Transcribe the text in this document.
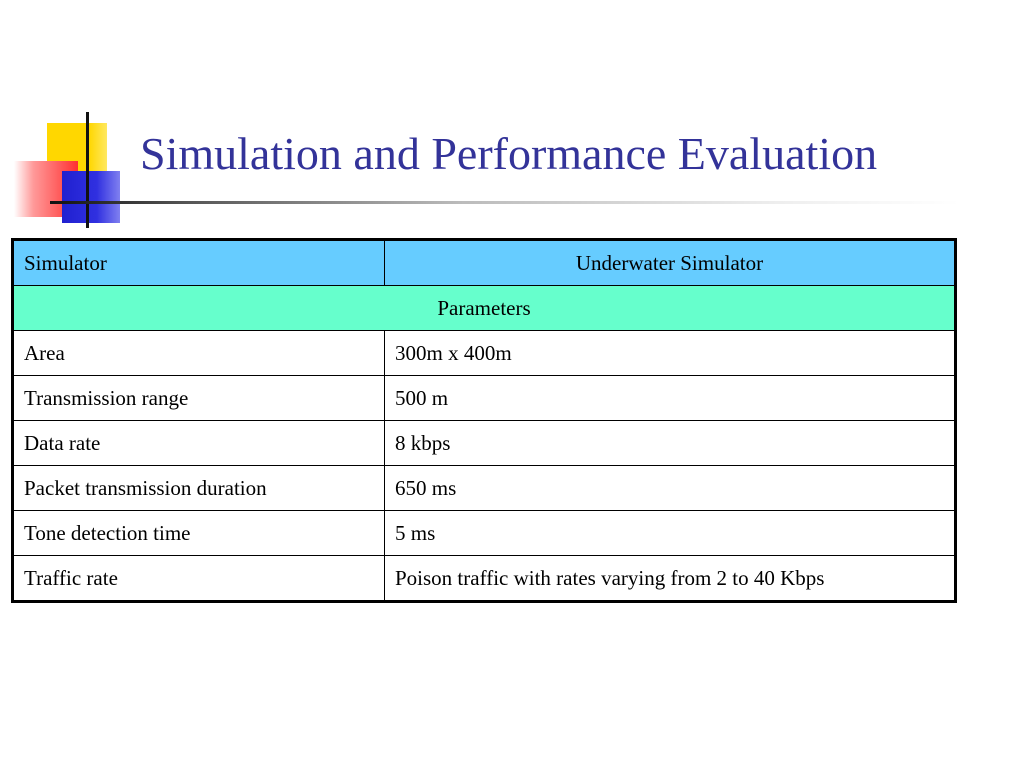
Simulation and Performance Evaluation
Simulator	Underwater Simulator
Parameters	
Area	300m x 400m
Transmission range	500 m
Data rate	8 kbps
Packet transmission duration	650 ms
Tone detection time	5 ms
Traffic rate	Poison traffic with rates varying from 2 to 40 Kbps
